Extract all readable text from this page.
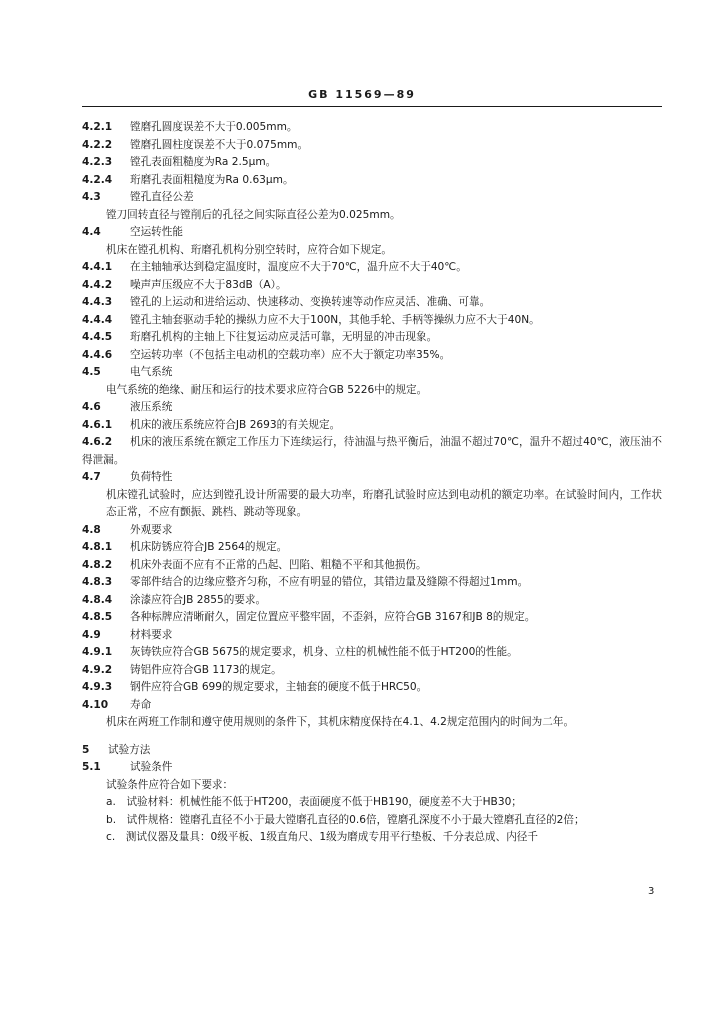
GB 11569—89
4.2.1 镗磨孔圆度误差不大于0.005mm。
4.2.2 镗磨孔圆柱度误差不大于0.075mm。
4.2.3 镗孔表面粗糙度为Ra 2.5μm。
4.2.4 珩磨孔表面粗糙度为Ra 0.63μm。
4.3	镗孔直径公差
镗刀回转直径与镗削后的孔径之间实际直径公差为0.025mm。
4.4	空运转性能
机床在镗孔机构、珩磨孔机构分别空转时，应符合如下规定。
4.4.1 在主轴轴承达到稳定温度时，温度应不大于70℃，温升应不大于40℃。
4.4.2 噪声声压级应不大于83dB（A）。
4.4.3 镗孔的上运动和进给运动、快速移动、变换转速等动作应灵活、准确、可靠。
4.4.4 镗孔主轴套驱动手轮的操纵力应不大于100N，其他手轮、手柄等操纵力应不大于40N。
4.4.5 珩磨孔机构的主轴上下往复运动应灵活可靠，无明显的冲击现象。
4.4.6 空运转功率（不包括主电动机的空载功率）应不大于额定功率35%。
4.5	电气系统
电气系统的绝缘、耐压和运行的技术要求应符合GB 5226中的规定。
4.6	液压系统
4.6.1 机床的液压系统应符合JB 2693的有关规定。
4.6.2 机床的液压系统在额定工作压力下连续运行，待油温与热平衡后，油温不超过70℃，温升不超过40℃，液压油不得泄漏。
4.7	负荷特性
机床镗孔试验时，应达到镗孔设计所需要的最大功率，珩磨孔试验时应达到电动机的额定功率。在试验时间内，工作状态正常，不应有颤振、跳档、跳动等现象。
4.8	外观要求
4.8.1 机床防锈应符合JB 2564的规定。
4.8.2 机床外表面不应有不正常的凸起、凹陷、粗糙不平和其他损伤。
4.8.3 零部件结合的边缘应整齐匀称，不应有明显的错位，其错边量及缝隙不得超过1mm。
4.8.4 涂漆应符合JB 2855的要求。
4.8.5 各种标牌应清晰耐久，固定位置应平整牢固，不歪斜，应符合GB 3167和JB 8的规定。
4.9	材料要求
4.9.1 灰铸铁应符合GB 5675的规定要求，机身、立柱的机械性能不低于HT200的性能。
4.9.2 铸铝件应符合GB 1173的规定。
4.9.3 钢件应符合GB 699的规定要求，主轴套的硬度不低于HRC50。
4.10 寿命
机床在两班工作制和遵守使用规则的条件下，其机床精度保持在4.1、4.2规定范围内的时间为二年。
5 试验方法
5.1	试验条件
试验条件应符合如下要求：
a.　试验材料：机械性能不低于HT200，表面硬度不低于HB190，硬度差不大于HB30；
b.　试件规格：镗磨孔直径不小于最大镗磨孔直径的0.6倍，镗磨孔深度不小于最大镗磨孔直径的2倍；
c.　测试仪器及量具：0级平板、1级直角尺、1级为磨成专用平行垫板、千分表总成、内径千
3
